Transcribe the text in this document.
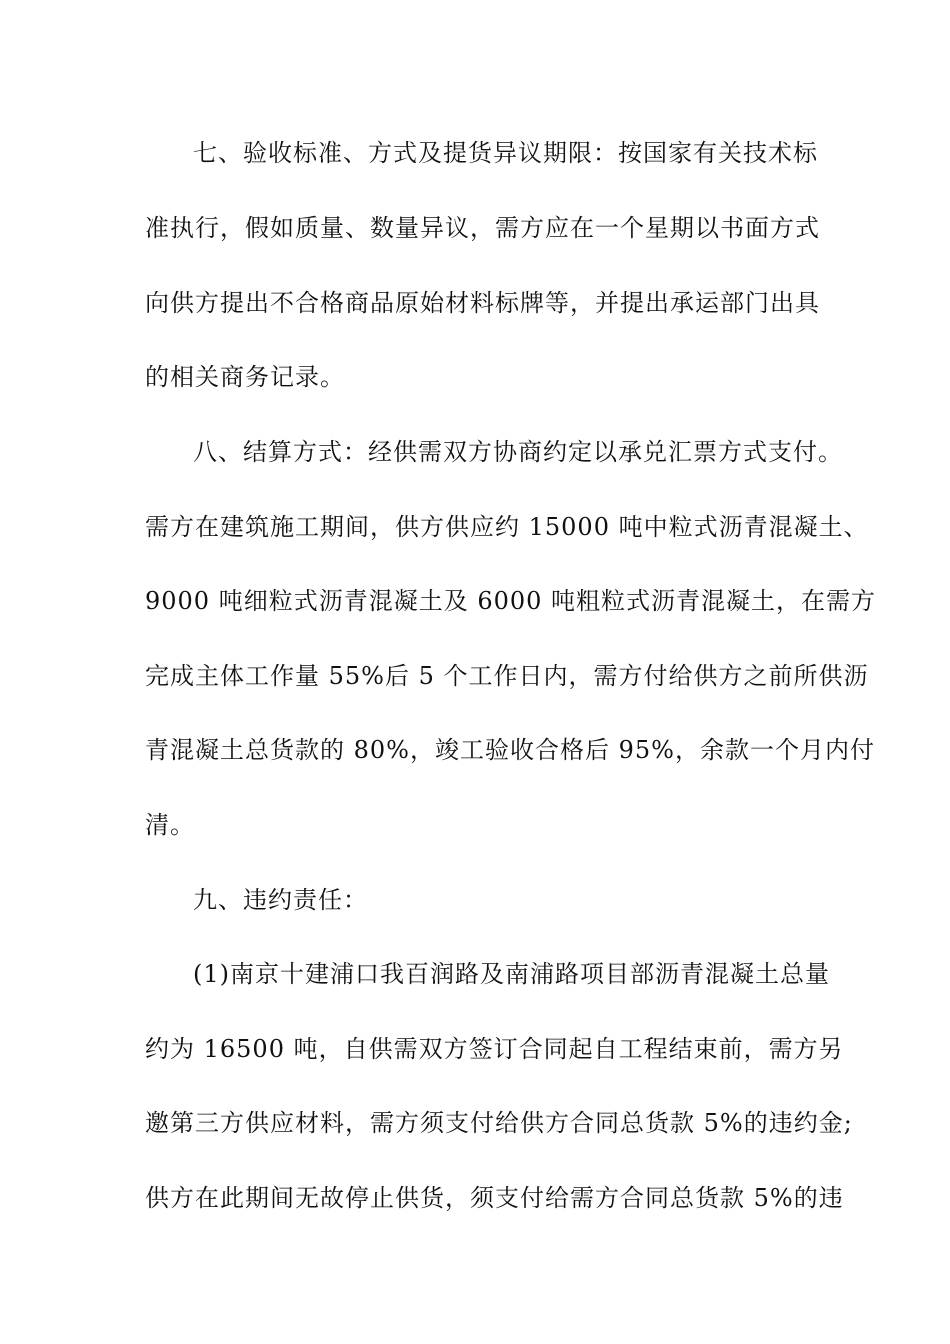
七、验收标准、方式及提货异议期限：按国家有关技术标
准执行，假如质量、数量异议，需方应在一个星期以书面方式
向供方提出不合格商品原始材料标牌等，并提出承运部门出具
的相关商务记录。
八、结算方式：经供需双方协商约定以承兑汇票方式支付。
需方在建筑施工期间，供方供应约 15000 吨中粒式沥青混凝土、
9000 吨细粒式沥青混凝土及 6000 吨粗粒式沥青混凝土，在需方
完成主体工作量 55%后 5 个工作日内，需方付给供方之前所供沥
青混凝土总货款的 80%，竣工验收合格后 95%，余款一个月内付
清。
九、违约责任：
(1)南京十建浦口我百润路及南浦路项目部沥青混凝土总量
约为 16500 吨，自供需双方签订合同起自工程结束前，需方另
邀第三方供应材料，需方须支付给供方合同总货款 5%的违约金;
供方在此期间无故停止供货，须支付给需方合同总货款 5%的违
